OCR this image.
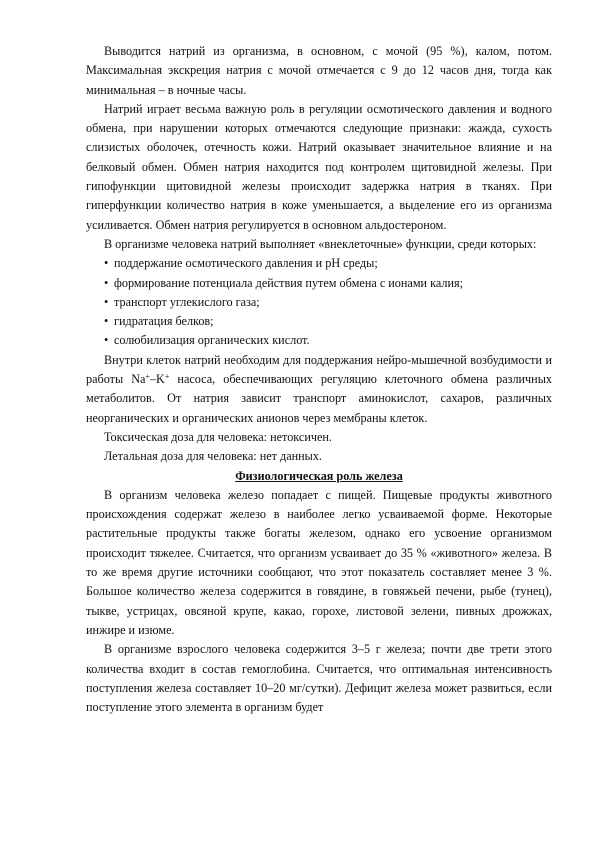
Выводится натрий из организма, в основном, с мочой (95 %), калом, потом. Максимальная экскреция натрия с мочой отмечается с 9 до 12 часов дня, тогда как минимальная – в ночные часы.

Натрий играет весьма важную роль в регуляции осмотического давления и водного обмена, при нарушении которых отмечаются следующие признаки: жажда, сухость слизистых оболочек, отечность кожи. Натрий оказывает значительное влияние и на белковый обмен. Обмен натрия находится под контролем щитовидной железы. При гипофункции щитовидной железы происходит задержка натрия в тканях. При гиперфункции количество натрия в коже уменьшается, а выделение его из организма усиливается. Обмен натрия регулируется в основном альдостероном.

В организме человека натрий выполняет «внеклеточные» функции, среди которых:

• поддержание осмотического давления и pH среды;
• формирование потенциала действия путем обмена с ионами калия;
• транспорт углекислого газа;
• гидратация белков;
• солюбилизация органических кислот.

Внутри клеток натрий необходим для поддержания нейро-мышечной возбудимости и работы Na+–K+ насоса, обеспечивающих регуляцию клеточного обмена различных метаболитов. От натрия зависит транспорт аминокислот, сахаров, различных неорганических и органических анионов через мембраны клеток.

Токсическая доза для человека: нетоксичен.

Летальная доза для человека: нет данных.

Физиологическая роль железа

В организм человека железо попадает с пищей. Пищевые продукты животного происхождения содержат железо в наиболее легко усваиваемой форме. Некоторые растительные продукты также богаты железом, однако его усвоение организмом происходит тяжелее. Считается, что организм усваивает до 35 % «животного» железа. В то же время другие источники сообщают, что этот показатель составляет менее 3 %. Большое количество железа содержится в говядине, в говяжьей печени, рыбе (тунец), тыкве, устрицах, овсяной крупе, какао, горохе, листовой зелени, пивных дрожжах, инжире и изюме.

В организме взрослого человека содержится 3–5 г железа; почти две трети этого количества входит в состав гемоглобина. Считается, что оптимальная интенсивность поступления железа составляет 10–20 мг/сутки). Дефицит железа может развиться, если поступление этого элемента в организм будет
